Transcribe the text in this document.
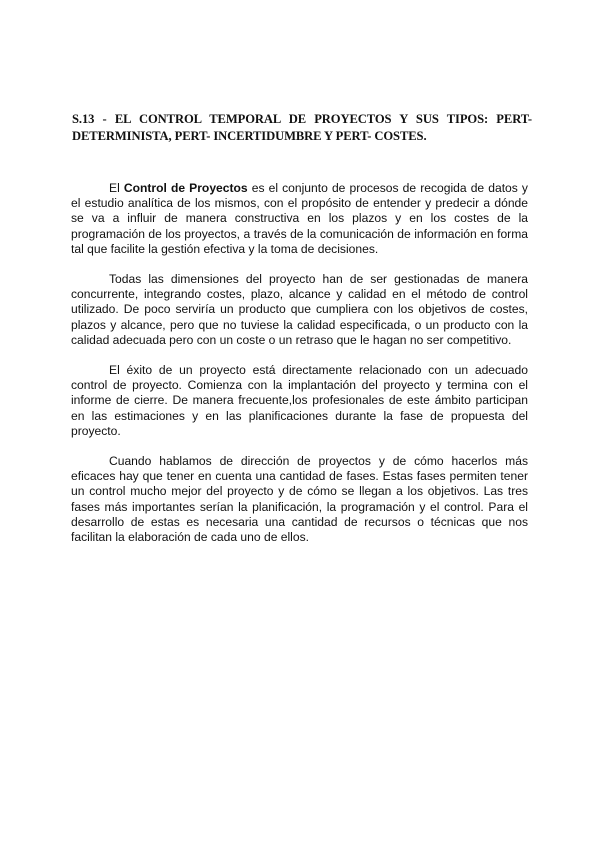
S.13 - EL CONTROL TEMPORAL DE PROYECTOS Y SUS TIPOS: PERT- DETERMINISTA, PERT- INCERTIDUMBRE Y PERT- COSTES.

El Control de Proyectos es el conjunto de procesos de recogida de datos y el estudio analítica de los mismos, con el propósito de entender y predecir a dónde se va a influir de manera constructiva en los plazos y en los costes de la programación de los proyectos, a través de la comunicación de información en forma tal que facilite la gestión efectiva y la toma de decisiones.

Todas las dimensiones del proyecto han de ser gestionadas de manera concurrente, integrando costes, plazo, alcance y calidad en el método de control utilizado. De poco serviría un producto que cumpliera con los objetivos de costes, plazos y alcance, pero que no tuviese la calidad especificada, o un producto con la calidad adecuada pero con un coste o un retraso que le hagan no ser competitivo.

El éxito de un proyecto está directamente relacionado con un adecuado control de proyecto. Comienza con la implantación del proyecto y termina con el informe de cierre. De manera frecuente,los profesionales de este ámbito participan en las estimaciones y en las planificaciones durante la fase de propuesta del proyecto.

Cuando hablamos de dirección de proyectos y de cómo hacerlos más eficaces hay que tener en cuenta una cantidad de fases. Estas fases permiten tener un control mucho mejor del proyecto y de cómo se llegan a los objetivos. Las tres fases más importantes serían la planificación, la programación y el control. Para el desarrollo de estas es necesaria una cantidad de recursos o técnicas que nos facilitan la elaboración de cada uno de ellos.
